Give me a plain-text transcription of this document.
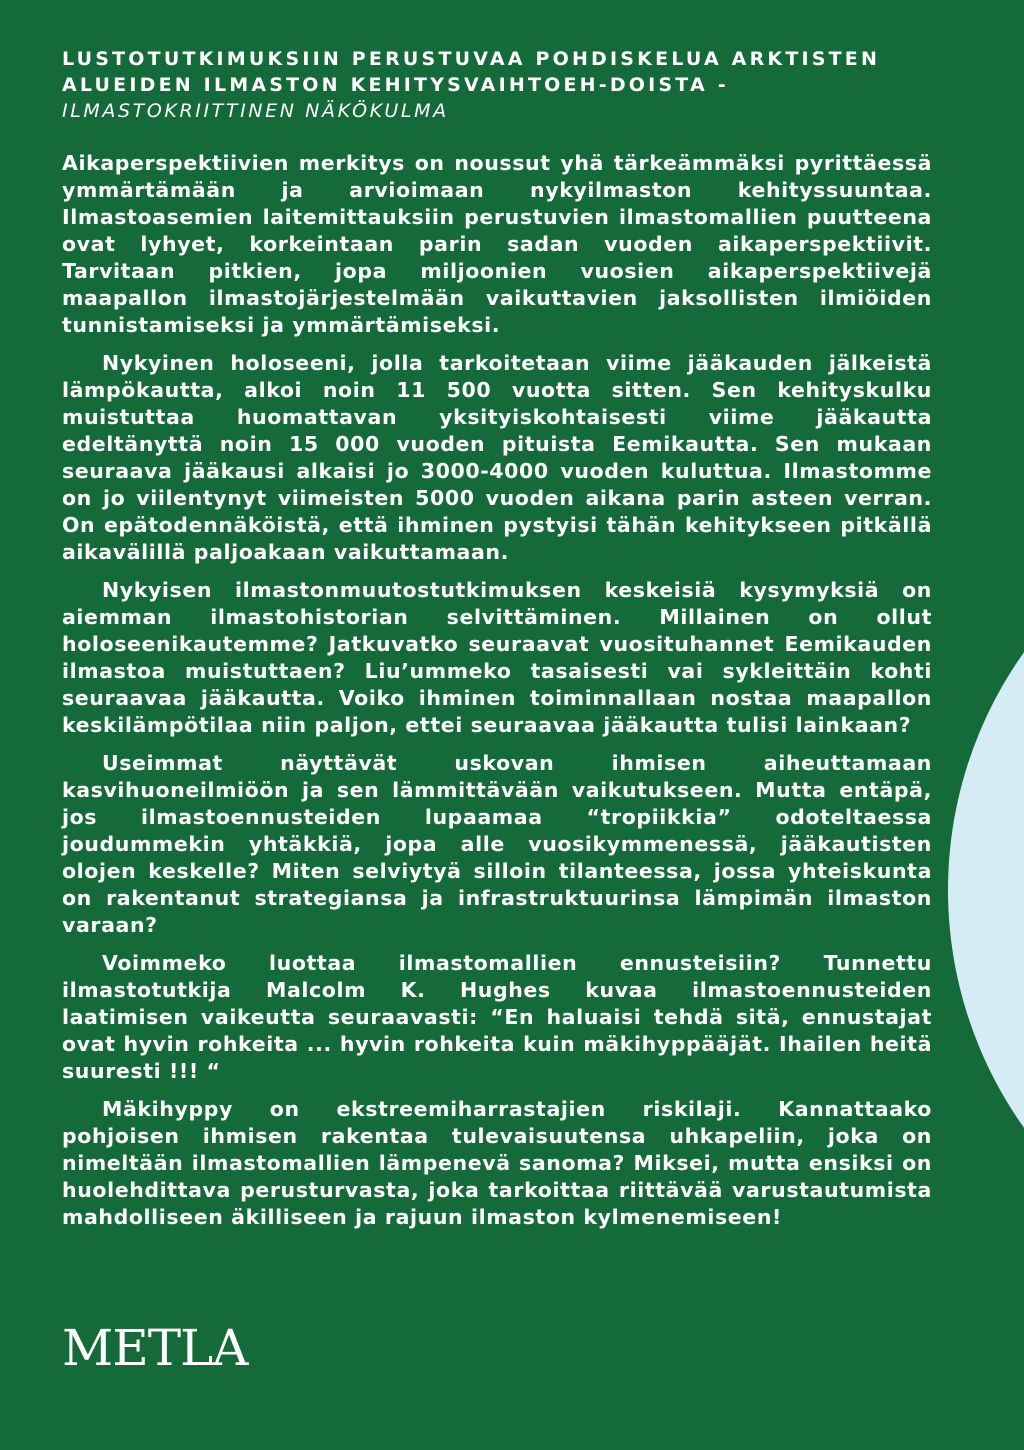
LUSTOTUTKIMUKSIIN PERUSTUVAA POHDISKELUA ARKTISTEN ALUEIDEN ILMASTON KEHITYSVAIHTOEH-DOISTA - ILMASTOKRIITTINEN NÄKÖKULMA

Aikaperspektiivien merkitys on noussut yhä tärkeämmäksi pyrittäessä ymmärtämään ja arvioimaan nykyilmaston kehityssuuntaa. Ilmastoasemien laitemittauksiin perustuvien ilmastomallien puutteena ovat lyhyet, korkeintaan parin sadan vuoden aikaperspektiivit. Tarvitaan pitkien, jopa miljoonien vuosien aikaperspektiivejä maapallon ilmastojärjestelmään vaikuttavien jaksollisten ilmiöiden tunnistamiseksi ja ymmärtämiseksi.

Nykyinen holoseeni, jolla tarkoitetaan viime jääkauden jälkeistä lämpökautta, alkoi noin 11 500 vuotta sitten. Sen kehityskulku muistuttaa huomattavan yksityiskohtaisesti viime jääkautta edeltänyttä noin 15 000 vuoden pituista Eemikautta. Sen mukaan seuraava jääkausi alkaisi jo 3000-4000 vuoden kuluttua. Ilmastomme on jo viilentynyt viimeisten 5000 vuoden aikana parin asteen verran. On epätodennäköistä, että ihminen pystyisi tähän kehitykseen pitkällä aikavälillä paljoakaan vaikuttamaan.

Nykyisen ilmastonmuutostutkimuksen keskeisiä kysymyksiä on aiemman ilmastohistorian selvittäminen. Millainen on ollut holoseenikautemme? Jatkuvatko seuraavat vuosituhannet Eemikauden ilmastoa muistuttaen? Liu’ummeko tasaisesti vai sykleittäin kohti seuraavaa jääkautta. Voiko ihminen toiminnallaan nostaa maapallon keskilämpötilaa niin paljon, ettei seuraavaa jääkautta tulisi lainkaan?

Useimmat näyttävät uskovan ihmisen aiheuttamaan kasvihuoneilmiöön ja sen lämmittävään vaikutukseen. Mutta entäpä, jos ilmastoennusteiden lupaamaa “tropiikkia” odoteltaessa joudummekin yhtäkkiä, jopa alle vuosikymmenessä, jääkautisten olojen keskelle? Miten selviytyä silloin tilanteessa, jossa yhteiskunta on rakentanut strategiansa ja infrastruktuurinsa lämpimän ilmaston varaan?

Voimmeko luottaa ilmastomallien ennusteisiin? Tunnettu ilmastotutkija Malcolm K. Hughes kuvaa ilmastoennusteiden laatimisen vaikeutta seuraavasti: “En haluaisi tehdä sitä, ennustajat ovat hyvin rohkeita ... hyvin rohkeita kuin mäkihyppääjät. Ihailen heitä suuresti !!! “

Mäkihyppy on ekstreemiharrastajien riskilaji. Kannattaako pohjoisen ihmisen rakentaa tulevaisuutensa uhkapeliin, joka on nimeltään ilmastomallien lämpenevä sanoma? Miksei, mutta ensiksi on huolehdittava perusturvasta, joka tarkoittaa riittävää varustautumista mahdolliseen äkilliseen ja rajuun ilmaston kylmenemiseen!

METLA
